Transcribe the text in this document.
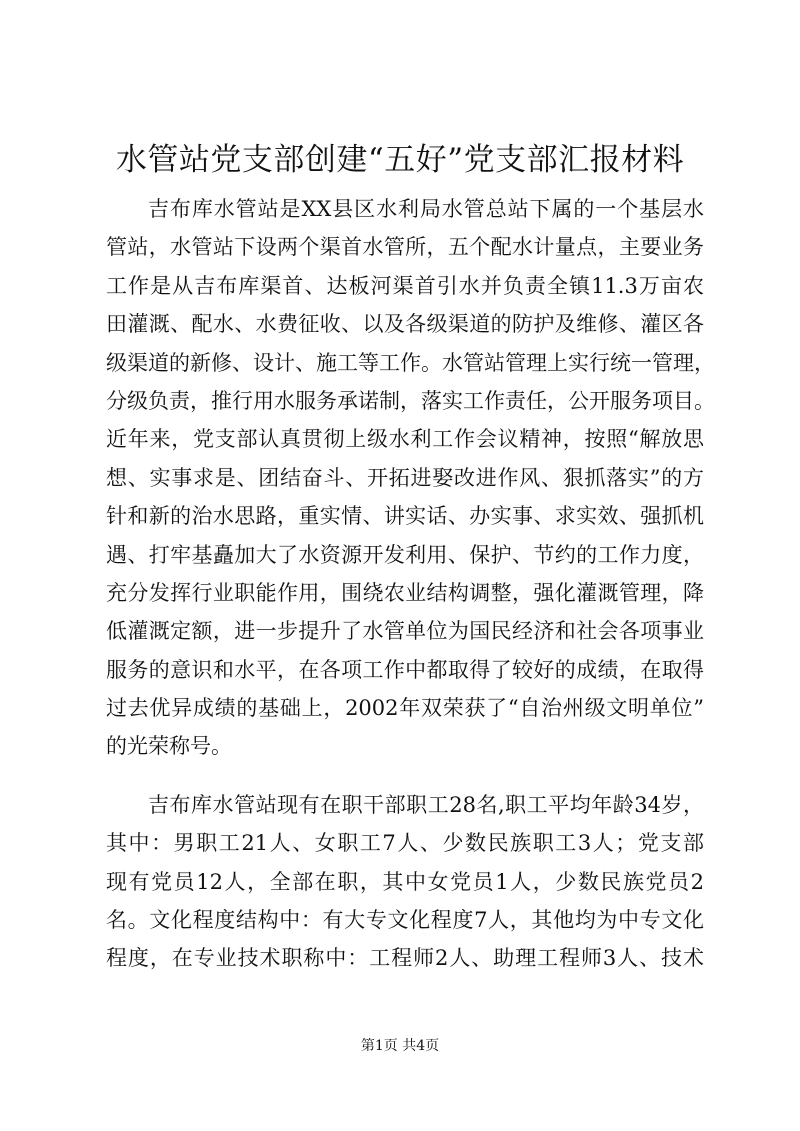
水管站党支部创建“五好”党支部汇报材料
吉布库水管站是XX县区水利局水管总站下属的一个基层水
管站，水管站下设两个渠首水管所，五个配水计量点，主要业务
工作是从吉布库渠首、达板河渠首引水并负责全镇11.3万亩农
田灌溉、配水、水费征收、以及各级渠道的防护及维修、灌区各
级渠道的新修、设计、施工等工作。水管站管理上实行统一管理，
分级负责，推行用水服务承诺制，落实工作责任，公开服务项目。
近年来，党支部认真贯彻上级水利工作会议精神，按照“解放思
想、实事求是、团结奋斗、开拓进娶改进作风、狠抓落实”的方
针和新的治水思路，重实情、讲实话、办实事、求实效、强抓机
遇、打牢基矗加大了水资源开发利用、保护、节约的工作力度，
充分发挥行业职能作用，围绕农业结构调整，强化灌溉管理，降
低灌溉定额，进一步提升了水管单位为国民经济和社会各项事业
服务的意识和水平，在各项工作中都取得了较好的成绩，在取得
过去优异成绩的基础上，2002年双荣获了“自治州级文明单位”
的光荣称号。
吉布库水管站现有在职干部职工28名,职工平均年龄34岁，
其中：男职工21人、女职工7人、少数民族职工3人；党支部
现有党员12人，全部在职，其中女党员1人，少数民族党员2
名。文化程度结构中：有大专文化程度7人，其他均为中专文化
程度，在专业技术职称中：工程师2人、助理工程师3人、技术
第1页 共4页
